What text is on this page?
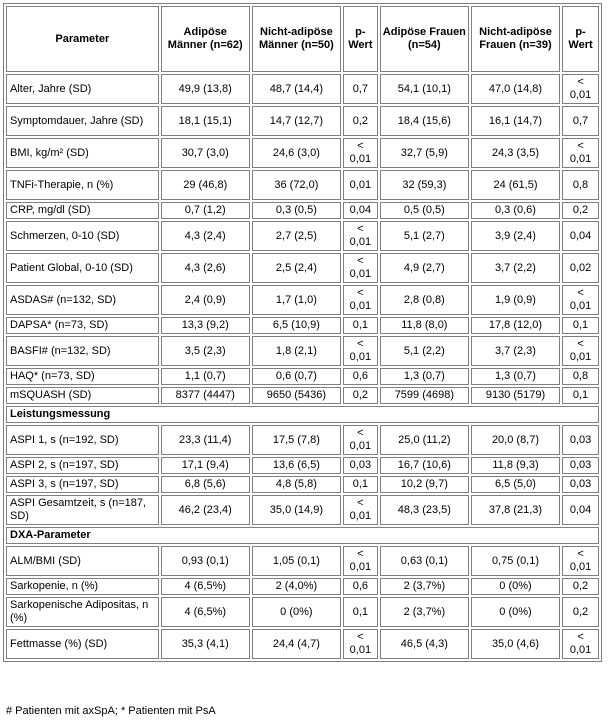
Parameter	Adipöse Männer (n=62)	Nicht-adipöse Männer (n=50)	p-Wert	Adipöse Frauen (n=54)	Nicht-adipöse Frauen (n=39)	p-Wert
Alter, Jahre (SD)	49,9 (13,8)	48,7 (14,4)	0,7	54,1 (10,1)	47,0 (14,8)	< 0,01
Symptomdauer, Jahre (SD)	18,1 (15,1)	14,7 (12,7)	0,2	18,4 (15,6)	16,1 (14,7)	0,7
BMI, kg/m² (SD)	30,7 (3,0)	24,6 (3,0)	< 0,01	32,7 (5,9)	24,3 (3,5)	< 0,01
TNFi-Therapie, n (%)	29 (46,8)	36 (72,0)	0,01	32 (59,3)	24 (61,5)	0,8
CRP, mg/dl (SD)	0,7 (1,2)	0,3 (0,5)	0,04	0,5 (0,5)	0,3 (0,6)	0,2
Schmerzen, 0-10 (SD)	4,3 (2,4)	2,7 (2,5)	< 0,01	5,1 (2,7)	3,9 (2,4)	0,04
Patient Global, 0-10 (SD)	4,3 (2,6)	2,5 (2,4)	< 0,01	4,9 (2,7)	3,7 (2,2)	0,02
ASDAS# (n=132, SD)	2,4 (0,9)	1,7 (1,0)	< 0,01	2,8 (0,8)	1,9 (0,9)	< 0,01
DAPSA* (n=73, SD)	13,3 (9,2)	6,5 (10,9)	0,1	11,8 (8,0)	17,8 (12,0)	0,1
BASFI# (n=132, SD)	3,5 (2,3)	1,8 (2,1)	< 0,01	5,1 (2,2)	3,7 (2,3)	< 0,01
HAQ* (n=73, SD)	1,1 (0,7)	0,6 (0,7)	0,6	1,3 (0,7)	1,3 (0,7)	0,8
mSQUASH (SD)	8377 (4447)	9650 (5436)	0,2	7599 (4698)	9130 (5179)	0,1
Leistungsmessung						
ASPI 1, s (n=192, SD)	23,3 (11,4)	17,5 (7,8)	< 0,01	25,0 (11,2)	20,0 (8,7)	0,03
ASPI 2, s (n=197, SD)	17,1 (9,4)	13,6 (6,5)	0,03	16,7 (10,6)	11,8 (9,3)	0,03
ASPI 3, s (n=197, SD)	6,8 (5,6)	4,8 (5,8)	0,1	10,2 (9,7)	6,5 (5,0)	0,03
ASPI Gesamtzeit, s (n=187, SD)	46,2 (23,4)	35,0 (14,9)	< 0,01	48,3 (23,5)	37,8 (21,3)	0,04
DXA-Parameter						
ALM/BMI (SD)	0,93 (0,1)	1,05 (0,1)	< 0,01	0,63 (0,1)	0,75 (0,1)	< 0,01
Sarkopenie, n (%)	4 (6,5%)	2 (4,0%)	0,6	2 (3,7%)	0 (0%)	0,2
Sarkopenische Adipositas, n (%)	4 (6,5%)	0 (0%)	0,1	2 (3,7%)	0 (0%)	0,2
Fettmasse (%) (SD)	35,3 (4,1)	24,4 (4,7)	< 0,01	46,5 (4,3)	35,0 (4,6)	< 0,01
# Patienten mit axSpA; * Patienten mit PsA
